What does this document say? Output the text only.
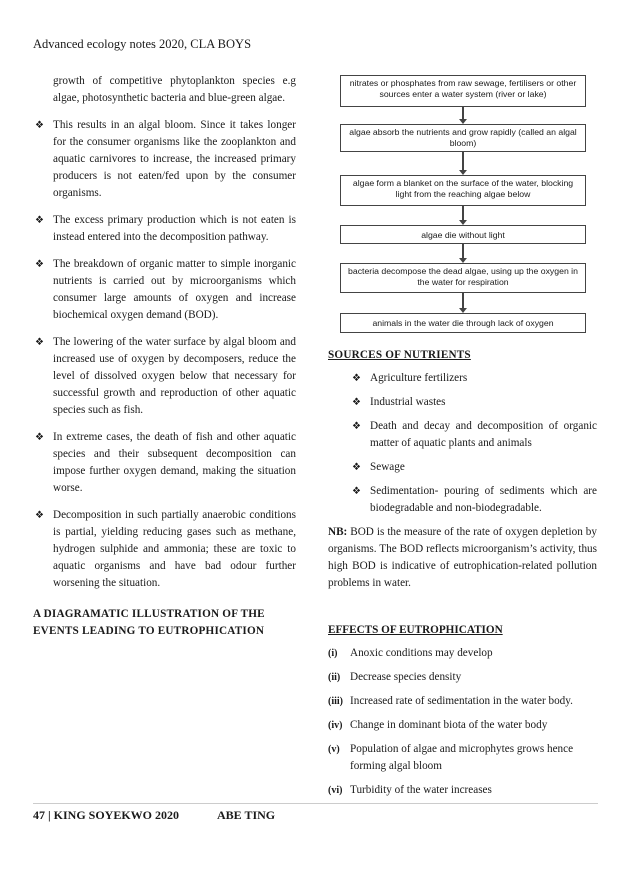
Advanced ecology notes 2020, CLA BOYS
growth of competitive phytoplankton species e.g algae, photosynthetic bacteria and blue-green algae.
❖ This results in an algal bloom. Since it takes longer for the consumer organisms like the zooplankton and aquatic carnivores to increase, the increased primary producers is not eaten/fed upon by the consumer organisms.
❖ The excess primary production which is not eaten is instead entered into the decomposition pathway.
❖ The breakdown of organic matter to simple inorganic nutrients is carried out by microorganisms which consumer large amounts of oxygen and increase biochemical oxygen demand (BOD).
❖ The lowering of the water surface by algal bloom and increased use of oxygen by decomposers, reduce the level of dissolved oxygen below that necessary for successful growth and reproduction of other aquatic species such as fish.
❖ In extreme cases, the death of fish and other aquatic species and their subsequent decomposition can impose further oxygen demand, making the situation worse.
❖ Decomposition in such partially anaerobic conditions is partial, yielding reducing gases such as methane, hydrogen sulphide and ammonia; these are toxic to aquatic organisms and have bad odour further worsening the situation.
A DIAGRAMATIC ILLUSTRATION OF THE EVENTS LEADING TO EUTROPHICATION
nitrates or phosphates from raw sewage, fertilisers or other sources enter a water system (river or lake)
algae absorb the nutrients and grow rapidly (called an algal bloom)
algae form a blanket on the surface of the water, blocking light from the reaching algae below
algae die without light
bacteria decompose the dead algae, using up the oxygen in the water for respiration
animals in the water die through lack of oxygen
SOURCES OF NUTRIENTS
❖ Agriculture fertilizers
❖ Industrial wastes
❖ Death and decay and decomposition of organic matter of aquatic plants and animals
❖ Sewage
❖ Sedimentation- pouring of sediments which are biodegradable and non-biodegradable.
NB: BOD is the measure of the rate of oxygen depletion by organisms. The BOD reflects microorganism’s activity, thus high BOD is indicative of eutrophication-related pollution problems in water.
EFFECTS OF EUTROPHICATION
(i) Anoxic conditions may develop
(ii) Decrease species density
(iii) Increased rate of sedimentation in the water body.
(iv) Change in dominant biota of the water body
(v) Population of algae and microphytes grows hence forming algal bloom
(vi) Turbidity of the water increases
47 | KING SOYEKWO 2020	ABE TING
